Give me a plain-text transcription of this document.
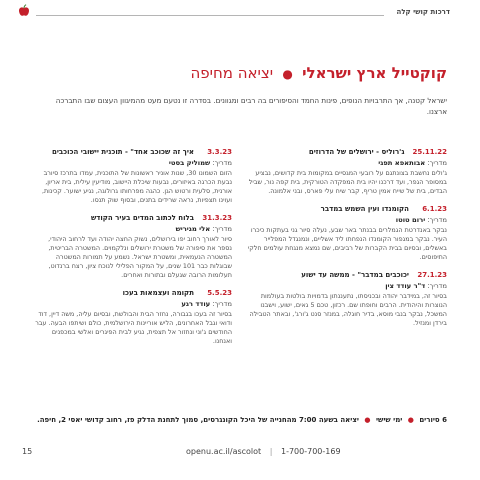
דרכות קושי קלה
קוקטייל ארץ ישראלי ● יציאה מחיפה
ישראל קטנה, אך התרבויות הנופים, פינות החמד והסיפורים בה רבים ומגוונים. בסדרה זו נטעם מעט מהמיגוון העצום שבו התברכה ארצנו.
25.11.22
ג'רוליס - ירושלים של הדרוזים
מדריך: אבותאפא תפגי
ג'ולים נחשבת בצונתגם על רובעי המגסיים במקומות בית קדושים, נבציע במסופר הגפר, ועד דרכנו יהיו בית המפקדה הטורקית, בית קפה נור, שביל הבדים, בית של שייח אמין טריף, קבר שיח עלי פארס, ובני אלמונה.
6.1.23
הקומנדו ועין השמש במדבר
מדריך: ירום טוטו
נבקר באנדרטת הגמלרים בבנתר באר שבע, נעלה סיור גני בעתקות כיכרו העיר. נבקר במגפור הקומנדו הנפחתו ליד אשליים, ונמנגדל המפלייר באשלים, ובסיום בבית הקברות של רביבים, שם נמצא מנגחת עולמים חלקי התיפוסים.
27.1.23
יכוכבים במדבר" - ממשה עד ישוע
מדריך: ד"ר עודד צין
בסיור זה, במידבר יהודה ובכניסתו, נתעננתון בדמויות בולטות בעולמות הנוצרות והיהודית. הרבים וחופתו שם. רכזון, טכם 5 גאים, ישוע, וישבנו המשכל, נבקר בנבי מוסא, בדיר חוגלה, במנזר סנט ג'ורג', ובאתר הטבילה בירדן ומנזיל.
3.3.23
איך זה שכוכב אחד" - תוכנית יישובי הכוכבים
מדריך: שמוליק בסטי
הזום השמונו 30, שנות אוניר ראשונות של התוכנית, עמדו בתרכז סיורב נבעת הכרגה באיזורים, נבעות שיכלת היישוב, מודיעין עילית, בית אריון, אורנית, סלעית ורטוש הגן. כהגה מפרחותו גרולוגה, נגיע ישוער. קכינות, ועוינו תצפיות, נראה שרידים בתנים, ובסוף שוק תנסו.
31.3.23
בלוח לכתוב המדים בעיר הקודש
מדריך: אלי מגיריש
סיור לאורך רחוב יפו בירושלים, נשוק החצה יהודה ועד לרחוב היהודי, נספר את סיפורה של משטרת ירושלים ונלקמוים. המשטרה הבריטית, המשטרה הנעמאית, ומשטרת ישראל. נשמע על תמורות המשטרה שבוגלות כבר 101 שנים, על המקור הפלילי לנוכח ציון, רצח ברנדוט, תעלומות הרובה שגעלם ובתורות ואחרים.
5.5.23
תקומה ועצמאות בעכו
מדריך: עודד רגע
בסיור זה בעכו בגבורה, נחזר הבית והבולשת, ובסיום עליה, משה דיין, דוד ודואי וגבל האחרונים, הליש אוריינות הירושלמית, כולם ושיתפו הבעה. עבר החודשים ג'וני ונחזור אל תצפית, נגיע לבית הפיגרים ואלשי במכפנים ואנחנו.
6 סיורים ● ימי שישי ● יציאה בשעה 7:00 מהחנייה של היכל הקונגרסים, סמוך לתחנת הדלק פז, רחוב קדושי יאסי 2, חיפה.
15	openu.ac.il/ascolot | 1-700-700-169
